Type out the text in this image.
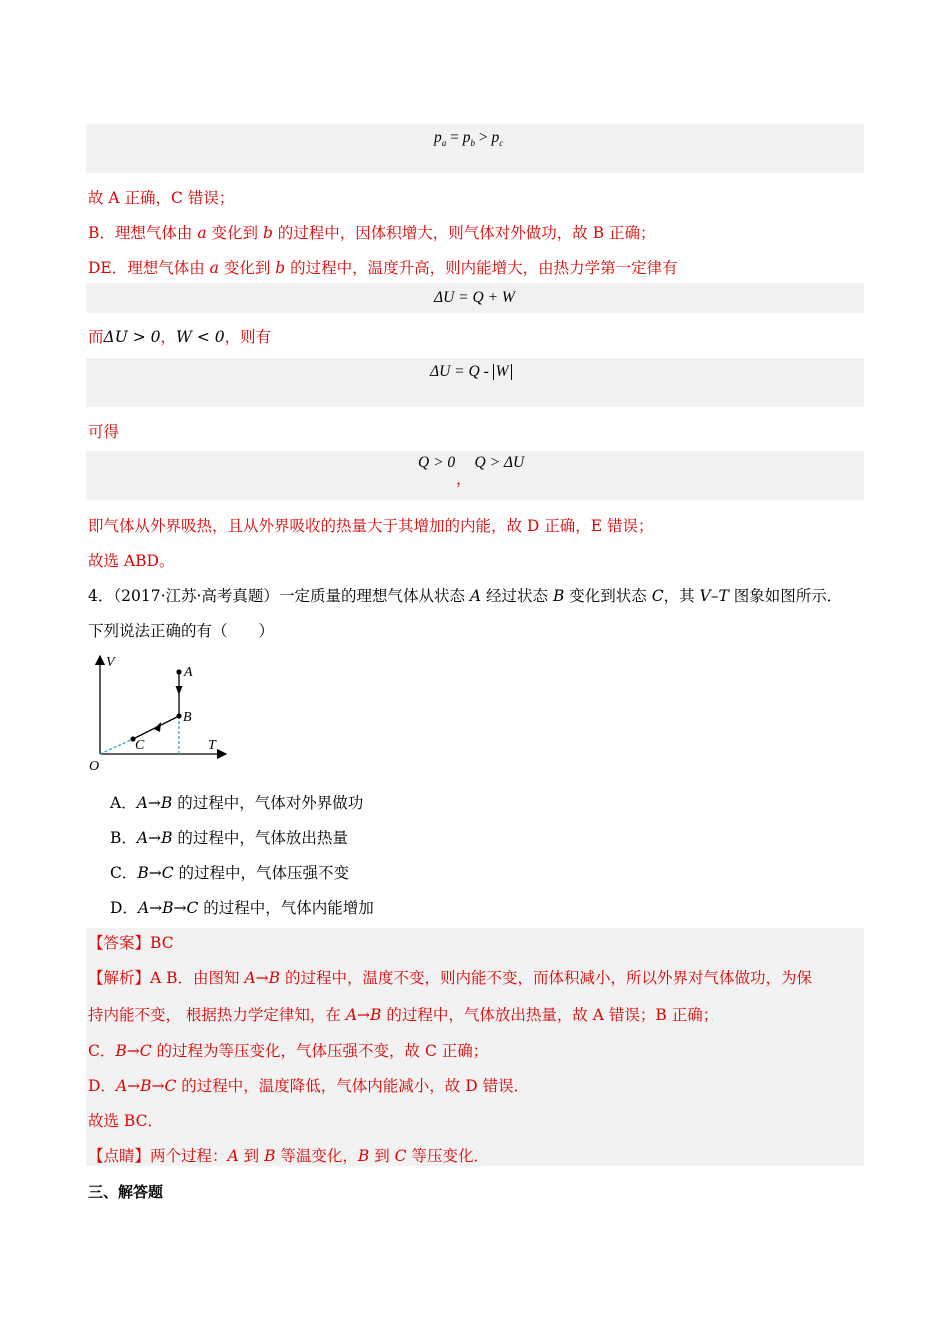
$p_a = p_b > p_c$
故 A 正确，C 错误；
B．理想气体由 a 变化到 b 的过程中，因体积增大，则气体对外做功，故 B 正确；
DE．理想气体由 a 变化到 b 的过程中，温度升高，则内能增大，由热力学第一定律有
ΔU = Q + W
而ΔU > 0，W < 0，则有
ΔU = Q - W
可得
Q > 0 Q > ΔU
，
即气体从外界吸热，且从外界吸收的热量大于其增加的内能，故 D 正确，E 错误；
故选 ABD。
4．（2017·江苏·高考真题）一定质量的理想气体从状态 A 经过状态 B 变化到状态 C，其 V–T 图象如图所示．
下列说法正确的有（　　）
V
T
O
A
B
C
A．A→B 的过程中，气体对外界做功
B．A→B 的过程中，气体放出热量
C．B→C 的过程中，气体压强不变
D．A→B→C 的过程中，气体内能增加
【答案】BC
【解析】A B．由图知 A→B 的过程中，温度不变，则内能不变，而体积减小，所以外界对气体做功，为保
持内能不变， 根据热力学定律知，在 A→B 的过程中，气体放出热量，故 A 错误；B 正确；
C．B→C 的过程为等压变化，气体压强不变，故 C 正确；
D．A→B→C 的过程中，温度降低，气体内能减小，故 D 错误．
故选 BC．
【点睛】两个过程：A 到 B 等温变化，B 到 C 等压变化．
三、解答题
